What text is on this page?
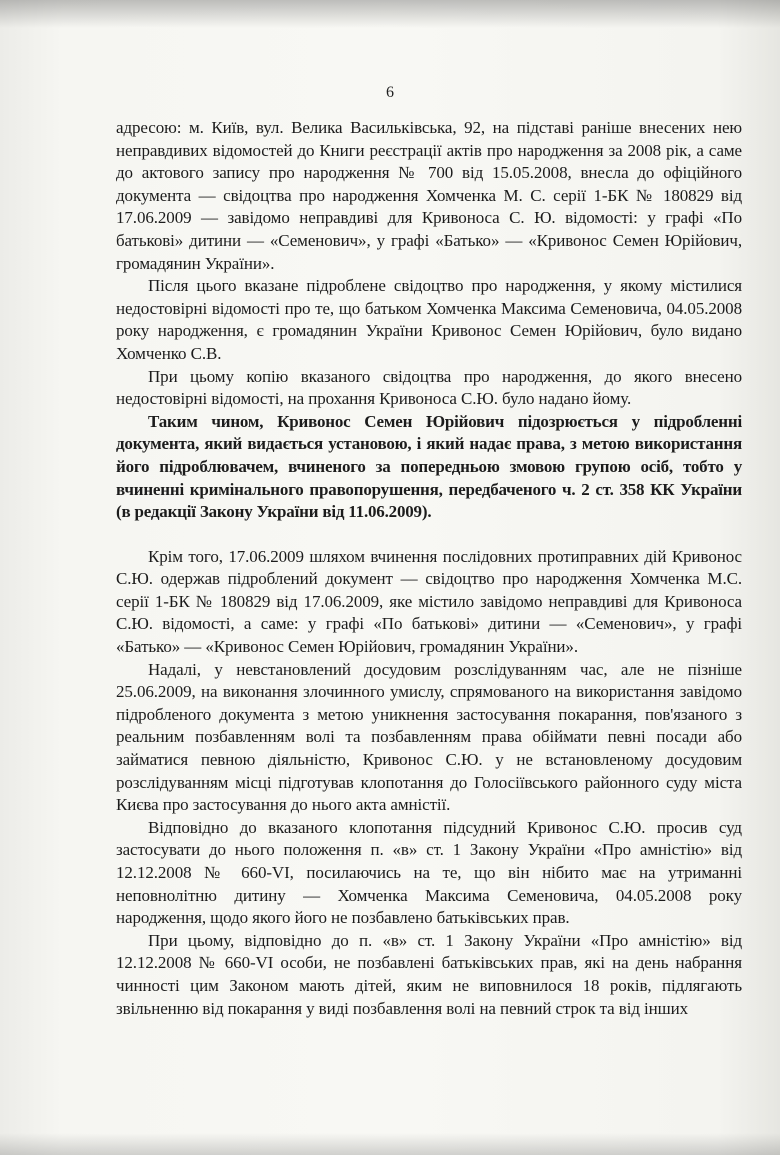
6

адресою: м. Київ, вул. Велика Васильківська, 92, на підставі раніше внесених нею неправдивих відомостей до Книги реєстрації актів про народження за 2008 рік, а саме до актового запису про народження № 700 від 15.05.2008, внесла до офіційного документа — свідоцтва про народження Хомченка М. С. серії 1-БК № 180829 від 17.06.2009 — завідомо неправдиві для Кривоноса С. Ю. відомості: у графі «По батькові» дитини — «Семенович», у графі «Батько» — «Кривонос Семен Юрійович, громадянин України».

Після цього вказане підроблене свідоцтво про народження, у якому містилися недостовірні відомості про те, що батьком Хомченка Максима Семеновича, 04.05.2008 року народження, є громадянин України Кривонос Семен Юрійович, було видано Хомченко С.В.

При цьому копію вказаного свідоцтва про народження, до якого внесено недостовірні відомості, на прохання Кривоноса С.Ю. було надано йому.

Таким чином, Кривонос Семен Юрійович підозрюється у підробленні документа, який видається установою, і який надає права, з метою використання його підроблювачем, вчиненого за попередньою змовою групою осіб, тобто у вчиненні кримінального правопорушення, передбаченого ч. 2 ст. 358 КК України (в редакції Закону України від 11.06.2009).

Крім того, 17.06.2009 шляхом вчинення послідовних протиправних дій Кривонос С.Ю. одержав підроблений документ — свідоцтво про народження Хомченка М.С. серії 1-БК № 180829 від 17.06.2009, яке містило завідомо неправдиві для Кривоноса С.Ю. відомості, а саме: у графі «По батькові» дитини — «Семенович», у графі «Батько» — «Кривонос Семен Юрійович, громадянин України».

Надалі, у невстановлений досудовим розслідуванням час, але не пізніше 25.06.2009, на виконання злочинного умислу, спрямованого на використання завідомо підробленого документа з метою уникнення застосування покарання, пов'язаного з реальним позбавленням волі та позбавленням права обіймати певні посади або займатися певною діяльністю, Кривонос С.Ю. у не встановленому досудовим розслідуванням місці підготував клопотання до Голосіївського районного суду міста Києва про застосування до нього акта амністії.

Відповідно до вказаного клопотання підсудний Кривонос С.Ю. просив суд застосувати до нього положення п. «в» ст. 1 Закону України «Про амністію» від 12.12.2008 № 660-VI, посилаючись на те, що він нібито має на утриманні неповнолітню дитину — Хомченка Максима Семеновича, 04.05.2008 року народження, щодо якого його не позбавлено батьківських прав.

При цьому, відповідно до п. «в» ст. 1 Закону України «Про амністію» від 12.12.2008 № 660-VI особи, не позбавлені батьківських прав, які на день набрання чинності цим Законом мають дітей, яким не виповнилося 18 років, підлягають звільненню від покарання у виді позбавлення волі на певний строк та від інших
